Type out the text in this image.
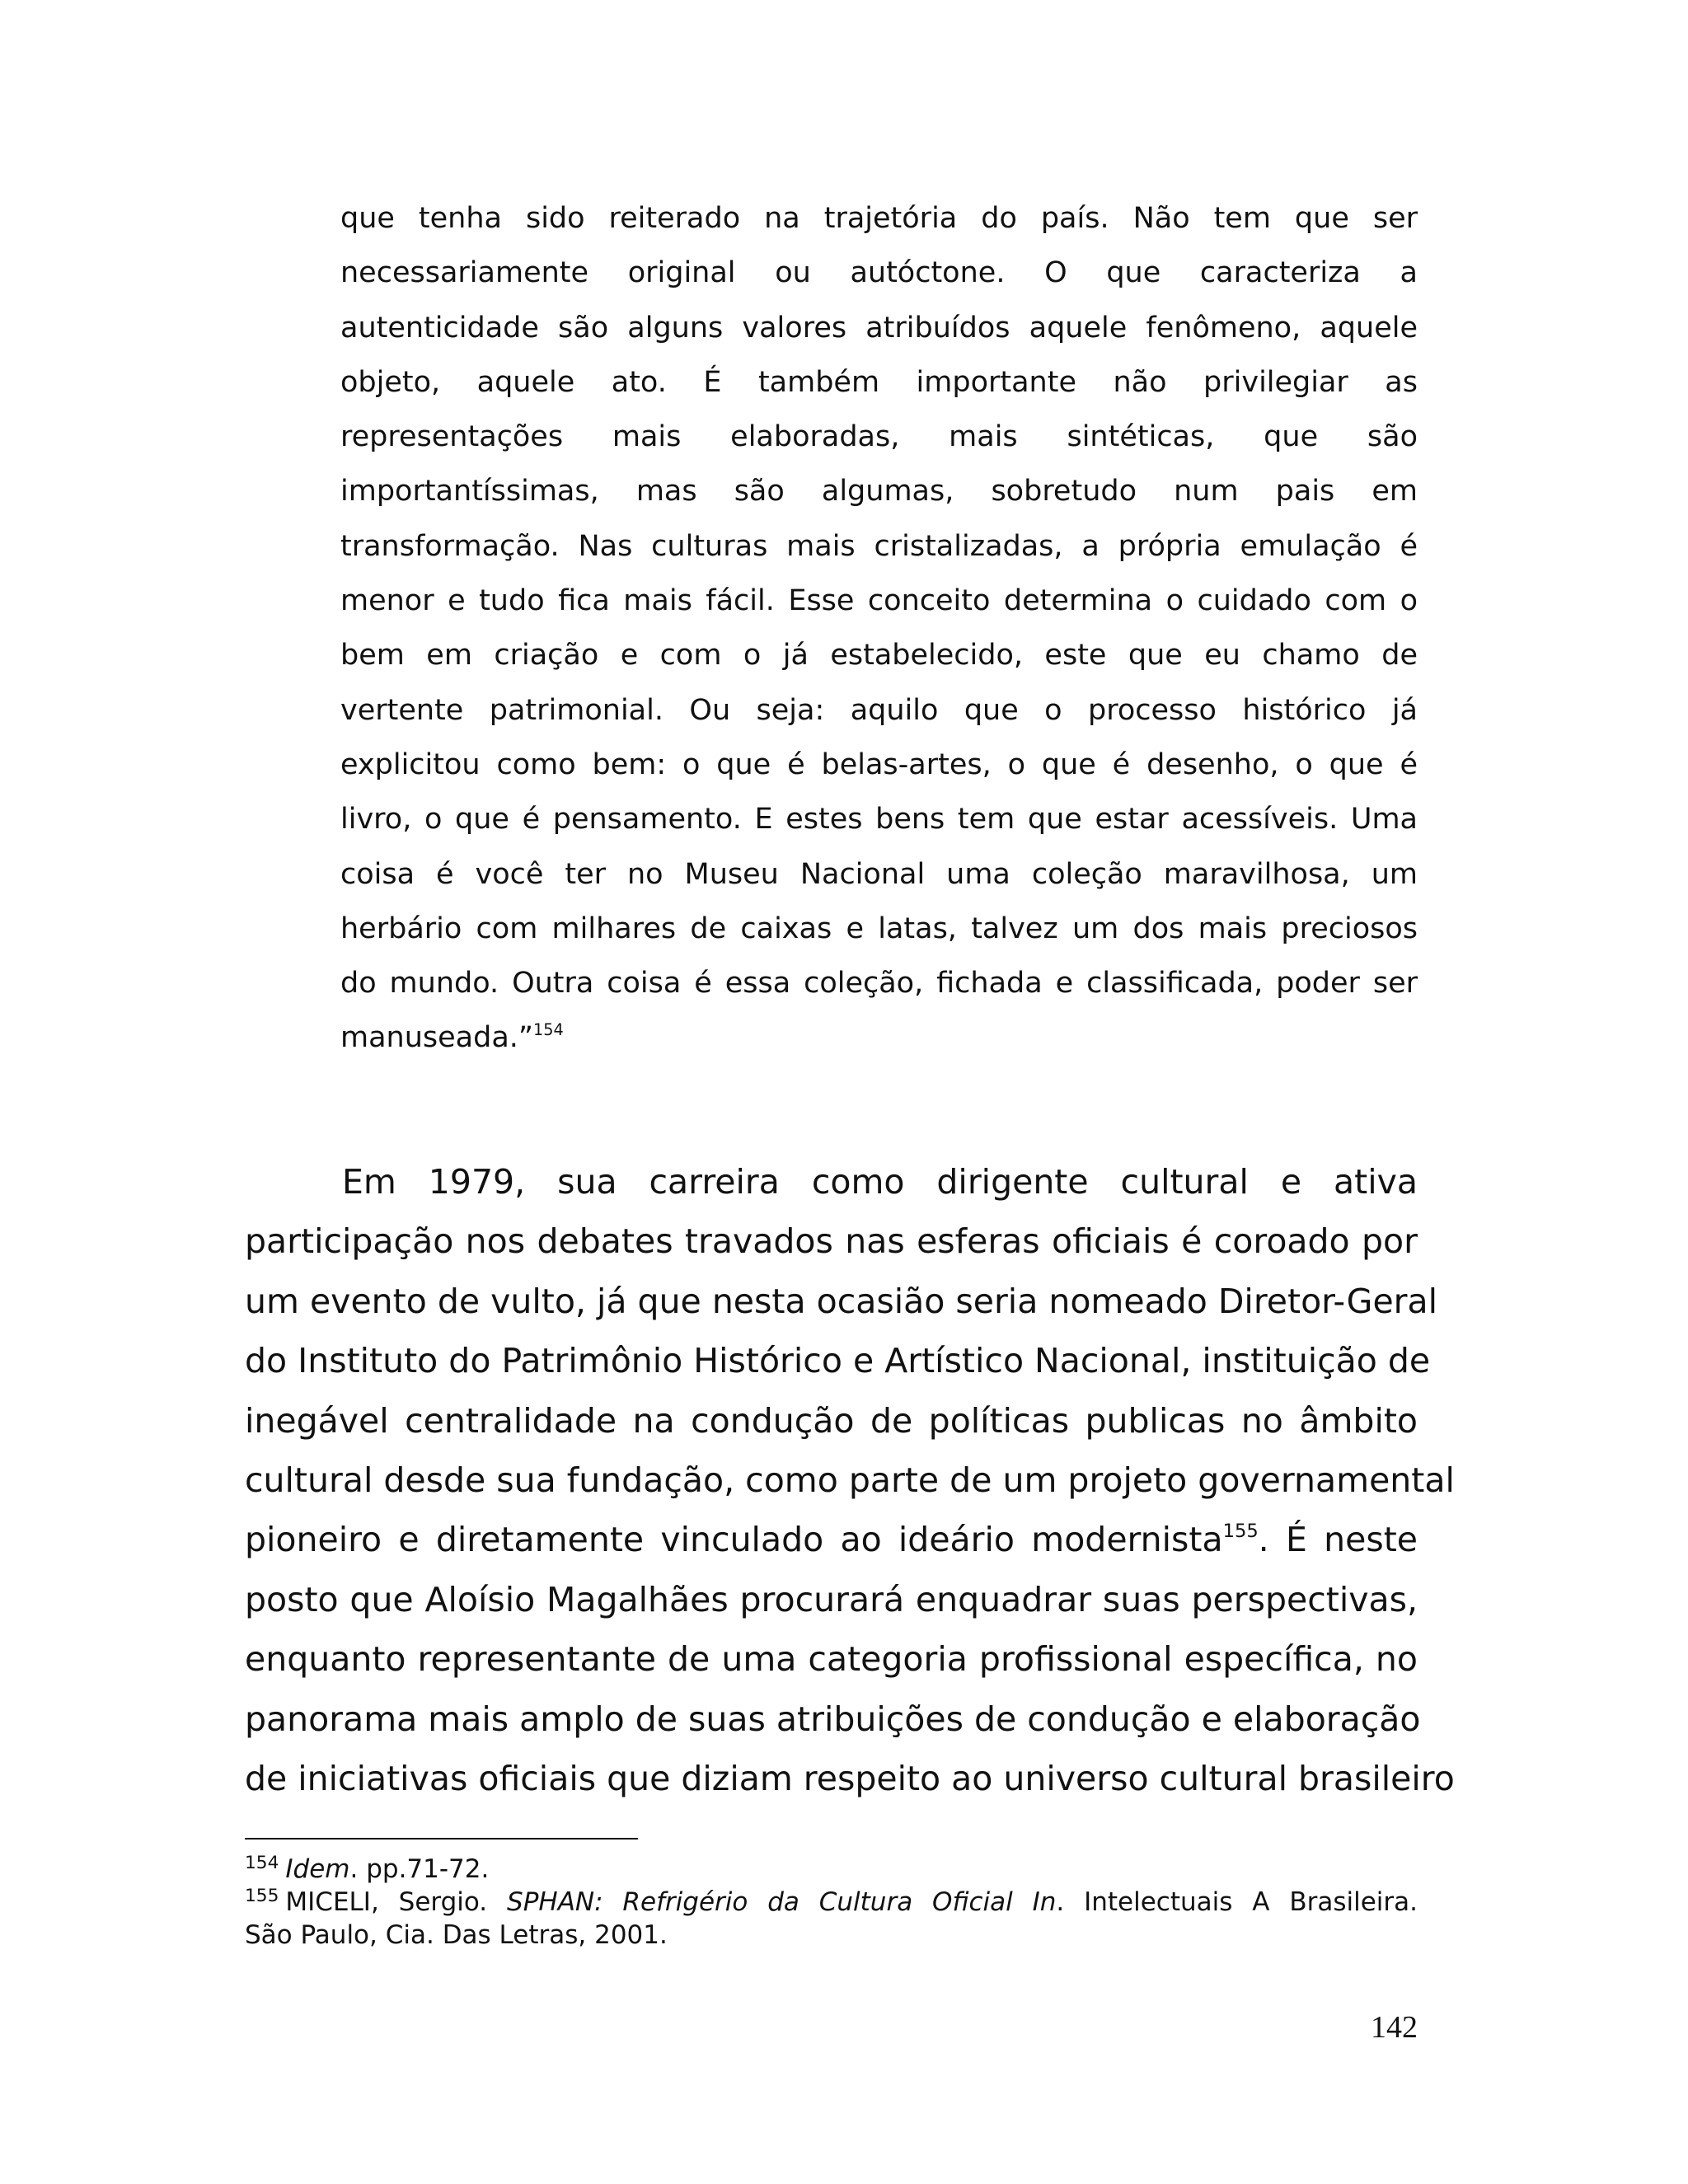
que tenha sido reiterado na trajetória do país. Não tem que ser
necessariamente original ou autóctone. O que caracteriza a
autenticidade são alguns valores atribuídos aquele fenômeno, aquele
objeto, aquele ato. É também importante não privilegiar as
representações mais elaboradas, mais sintéticas, que são
importantíssimas, mas são algumas, sobretudo num pais em
transformação. Nas culturas mais cristalizadas, a própria emulação é
menor e tudo fica mais fácil. Esse conceito determina o cuidado com o
bem em criação e com o já estabelecido, este que eu chamo de
vertente patrimonial. Ou seja: aquilo que o processo histórico já
explicitou como bem: o que é belas-artes, o que é desenho, o que é
livro, o que é pensamento. E estes bens tem que estar acessíveis. Uma
coisa é você ter no Museu Nacional uma coleção maravilhosa, um
herbário com milhares de caixas e latas, talvez um dos mais preciosos
do mundo. Outra coisa é essa coleção, fichada e classificada, poder ser
manuseada.”$^{154}$
Em 1979, sua carreira como dirigente cultural e ativa
participação nos debates travados nas esferas oficiais é coroado por
um evento de vulto, já que nesta ocasião seria nomeado Diretor-Geral
do Instituto do Patrimônio Histórico e Artístico Nacional, instituição de
inegável centralidade na condução de políticas publicas no âmbito
cultural desde sua fundação, como parte de um projeto governamental
pioneiro e diretamente vinculado ao ideário modernista$^{155}$. É neste
posto que Aloísio Magalhães procurará enquadrar suas perspectivas,
enquanto representante de uma categoria profissional específica, no
panorama mais amplo de suas atribuições de condução e elaboração
de iniciativas oficiais que diziam respeito ao universo cultural brasileiro
$^{154}$ Idem. pp.71-72.
$^{155}$ MICELI, Sergio. SPHAN: Refrigério da Cultura Oficial In. Intelectuais A Brasileira.
São Paulo, Cia. Das Letras, 2001.
142
